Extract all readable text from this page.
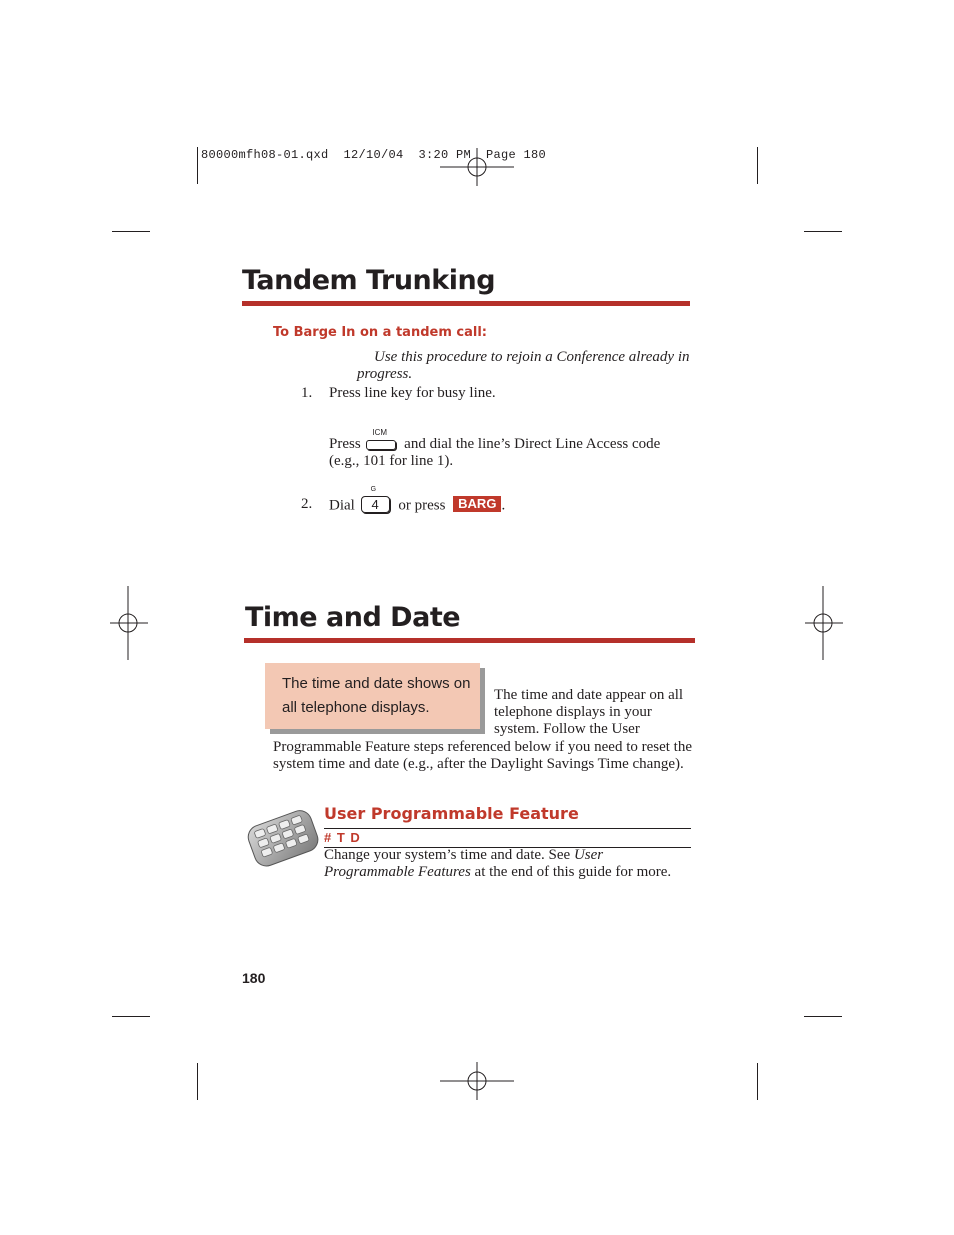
80000mfh08-01.qxd  12/10/04  3:20 PM  Page 180
Tandem Trunking
To Barge In on a tandem call:
Use this procedure to rejoin a Conference already in progress.
1. Press line key for busy line.
Press
ICM
and dial the line’s Direct Line Access code (e.g., 101 for line 1).
2. Dial
G
4	or press BARG .
Time and Date
The time and date shows on all telephone displays.
The time and date appear on all telephone displays in your system. Follow the User
Programmable Feature steps referenced below if you need to reset the system time and date (e.g., after the Daylight Savings Time change).
User Programmable Feature
# T D
Change your system’s time and date. See User Programmable Features at the end of this guide for more.
180
